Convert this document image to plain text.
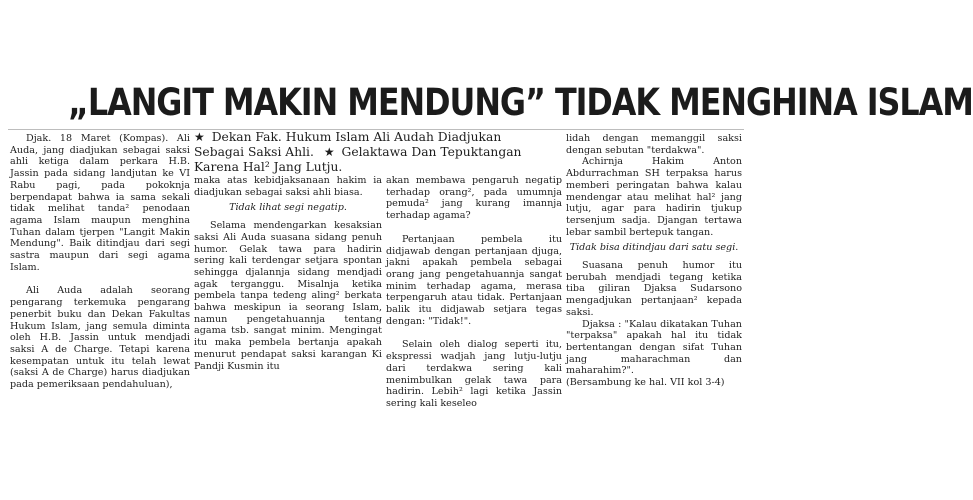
„LANGIT MAKIN MENDUNG” TIDAK MENGHINA ISLAM

Djak. 18 Maret (Kompas). Ali Auda, jang diadjukan sebagai saksi ahli ketiga dalam perkara H.B. Jassin pada sidang landjutan ke VI Rabu pagi, pada pokoknja berpendapat bahwa ia sama sekali tidak melihat tanda² penodaan agama Islam maupun menghina Tuhan dalam tjerpen "Langit Makin Mendung". Baik ditindjau dari segi sastra maupun dari segi agama Islam.

Ali Auda adalah seorang pengarang terkemuka pengarang penerbit buku dan Dekan Fakultas Hukum Islam, jang semula diminta oleh H.B. Jassin untuk mendjadi saksi A de Charge. Tetapi karena kesempatan untuk itu telah lewat (saksi A de Charge) harus diadjukan pada pemeriksaan pendahuluan),

★ Dekan Fak. Hukum Islam Ali Audah Diadjukan
Sebagai Saksi Ahli. ★ Gelaktawa Dan Tepuktangan
Karena Hal² Jang Lutju.

maka atas kebidjaksanaan hakim ia diadjukan sebagai saksi ahli biasa.

Tidak lihat segi negatip.

Selama mendengarkan kesaksian saksi Ali Auda suasana sidang penuh humor. Gelak tawa para hadirin sering kali terdengar setjara spontan sehingga djalannja sidang mendjadi agak terganggu. Misalnja ketika pembela tanpa tedeng aling² berkata bahwa meskipun ia seorang Islam, namun pengetahuannja tentang agama tsb. sangat minim. Mengingat itu maka pembela bertanja apakah menurut pendapat saksi karangan Ki Pandji Kusmin itu

akan membawa pengaruh negatip terhadap orang², pada umumnja pemuda² jang kurang imannja terhadap agama?

Pertanjaan pembela itu didjawab dengan pertanjaan djuga, jakni apakah pembela sebagai orang jang pengetahuannja sangat minim terhadap agama, merasa terpengaruh atau tidak. Pertanjaan balik itu didjawab setjara tegas dengan: "Tidak!".

Selain oleh dialog seperti itu, ekspressi wadjah jang lutju-lutju dari terdakwa sering kali menimbulkan gelak tawa para hadirin. Lebih² lagi ketika Jassin sering kali keseleo

lidah dengan memanggil saksi dengan sebutan "terdakwa".

Achirnja Hakim Anton Abdurrachman SH terpaksa harus memberi peringatan bahwa kalau mendengar atau melihat hal² jang lutju, agar para hadirin tjukup tersenjum sadja. Djangan tertawa lebar sambil bertepuk tangan.

Tidak bisa ditindjau dari satu segi.

Suasana penuh humor itu berubah mendjadi tegang ketika tiba giliran Djaksa Sudarsono mengadjukan pertanjaan² kepada saksi.

Djaksa : "Kalau dikatakan Tuhan "terpaksa" apakah hal itu tidak bertentangan dengan sifat Tuhan jang maharachman dan maharahim?".

(Bersambung ke hal. VII kol 3-4)
